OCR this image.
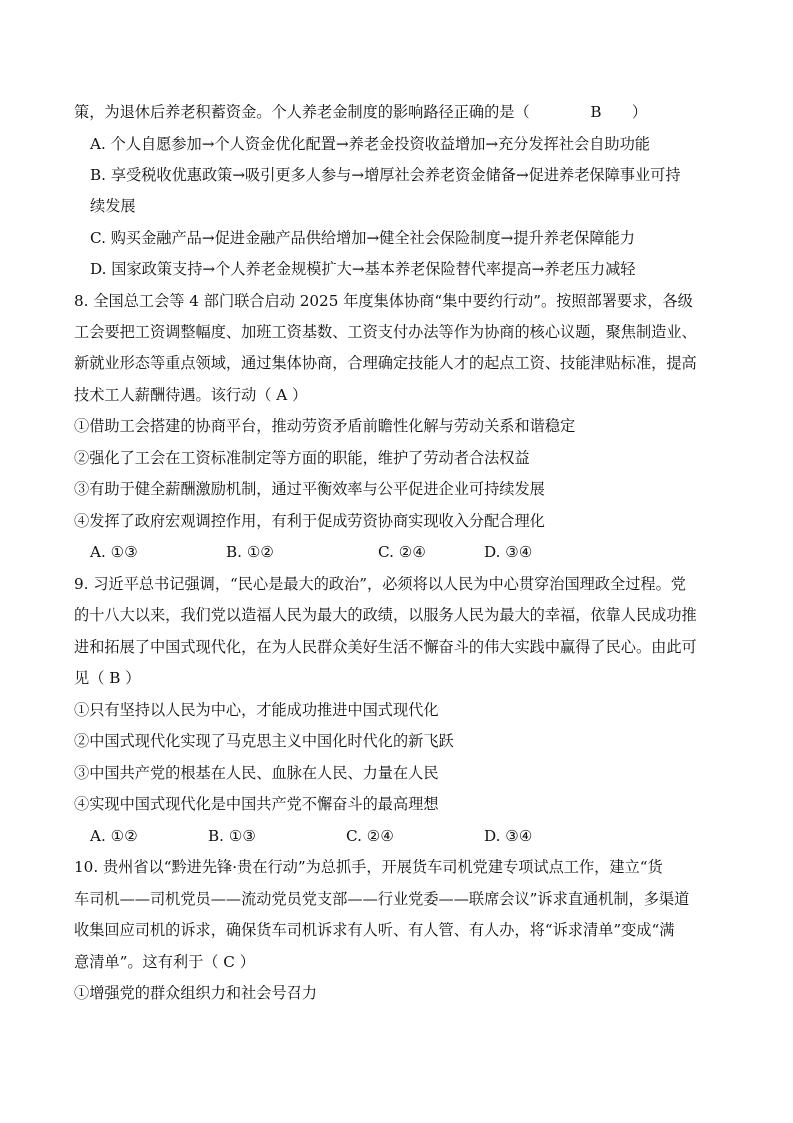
策，为退休后养老积蓄资金。个人养老金制度的影响路径正确的是（　　　　B　　）
A. 个人自愿参加→个人资金优化配置→养老金投资收益增加→充分发挥社会自助功能
B. 享受税收优惠政策→吸引更多人参与→增厚社会养老资金储备→促进养老保障事业可持
续发展
C. 购买金融产品→促进金融产品供给增加→健全社会保险制度→提升养老保障能力
D. 国家政策支持→个人养老金规模扩大→基本养老保险替代率提高→养老压力减轻
8. 全国总工会等 4 部门联合启动 2025 年度集体协商“集中要约行动”。按照部署要求，各级
工会要把工资调整幅度、加班工资基数、工资支付办法等作为协商的核心议题，聚焦制造业、
新就业形态等重点领域，通过集体协商，合理确定技能人才的起点工资、技能津贴标准，提高
技术工人薪酬待遇。该行动（ A ）
①借助工会搭建的协商平台，推动劳资矛盾前瞻性化解与劳动关系和谐稳定
②强化了工会在工资标准制定等方面的职能，维护了劳动者合法权益
③有助于健全薪酬激励机制，通过平衡效率与公平促进企业可持续发展
④发挥了政府宏观调控作用，有利于促成劳资协商实现收入分配合理化
A. ①③	B. ①②	C. ②④	D. ③④
9. 习近平总书记强调，“民心是最大的政治”，必须将以人民为中心贯穿治国理政全过程。党
的十八大以来，我们党以造福人民为最大的政绩，以服务人民为最大的幸福，依靠人民成功推
进和拓展了中国式现代化，在为人民群众美好生活不懈奋斗的伟大实践中赢得了民心。由此可
见（ B ）
①只有坚持以人民为中心，才能成功推进中国式现代化
②中国式现代化实现了马克思主义中国化时代化的新飞跃
③中国共产党的根基在人民、血脉在人民、力量在人民
④实现中国式现代化是中国共产党不懈奋斗的最高理想
A. ①②	B. ①③	C. ②④	D. ③④
10. 贵州省以“黔进先锋·贵在行动”为总抓手，开展货车司机党建专项试点工作，建立“货
车司机——司机党员——流动党员党支部——行业党委——联席会议”诉求直通机制，多渠道
收集回应司机的诉求，确保货车司机诉求有人听、有人管、有人办，将“诉求清单”变成“满
意清单”。这有利于（ C ）
①增强党的群众组织力和社会号召力
